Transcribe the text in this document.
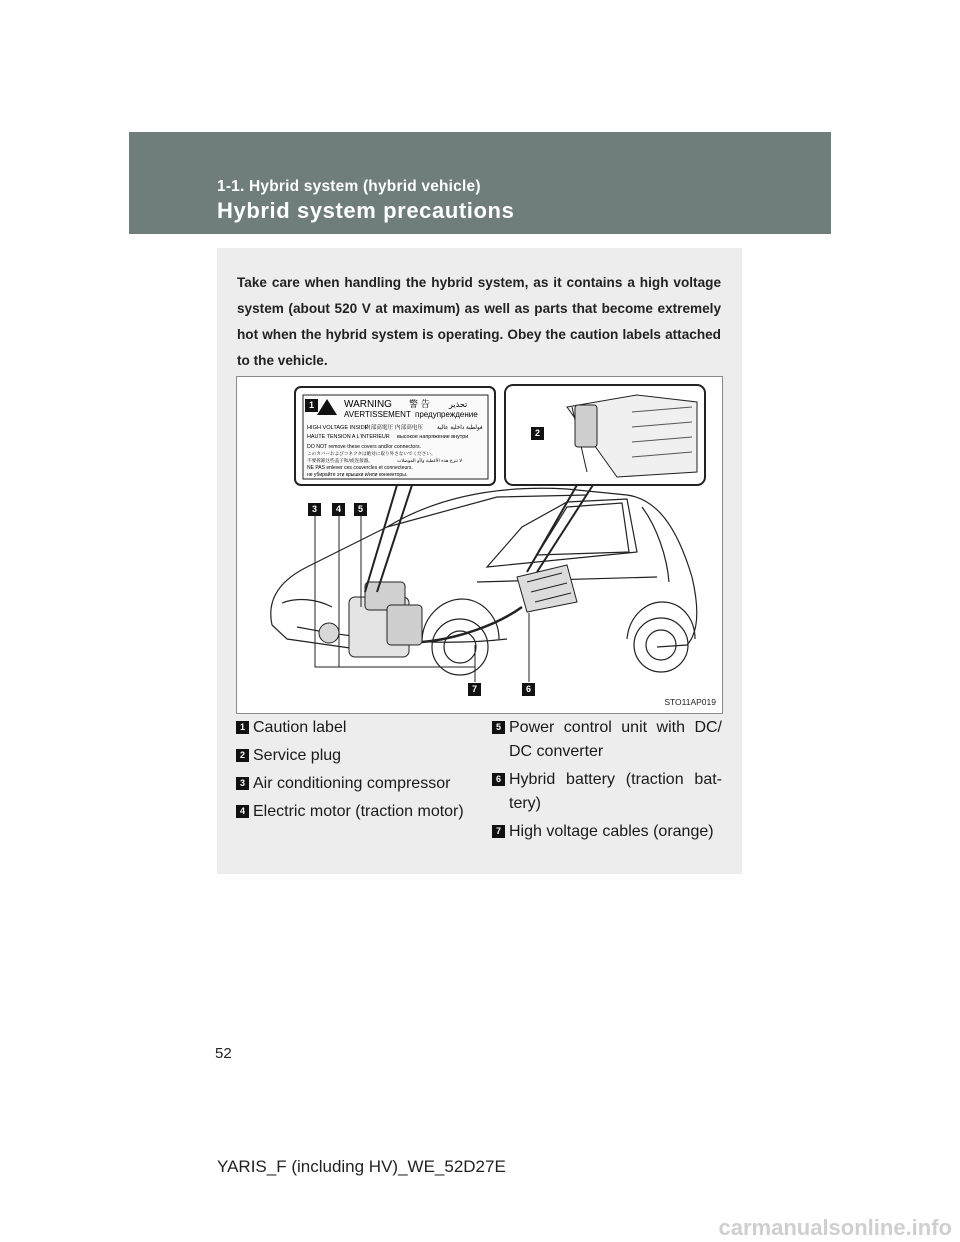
1-1. Hybrid system (hybrid vehicle)
Hybrid system precautions
Take care when handling the hybrid system, as it contains a high voltage system (about 520 V at maximum) as well as parts that become extremely hot when the hybrid system is operating. Obey the caution labels attached to the vehicle.
WARNING 警 告 تحذير
AVERTISSEMENT предупреждение
HIGH VOLTAGE INSIDE
内部高電圧 内部高电压	فولطية داخلية عالية
HAUTE TENSION A L'INTERIEUR высокое напряжение внутри
DO NOT remove these covers and/or connectors.
このカバーおよびコネクタは絶対に取り外さないでください。
不要拆卸这些盖子和/或连接器。	لا تنزع هذه الأغطية و/أو الموصلات
NE PAS enlever ces couvercles et connecteurs.
не убирайте эти крышки и/или коннекторы.
1
2
3	4	5
6
7
STO11AP019
1 Caution label
2 Service plug
3 Air conditioning compressor
4 Electric motor (traction motor)
5 Power control unit with DC/ DC converter
6 Hybrid battery (traction bat- tery)
7 High voltage cables (orange)
52
YARIS_F (including HV)_WE_52D27E
carmanualsonline.info
